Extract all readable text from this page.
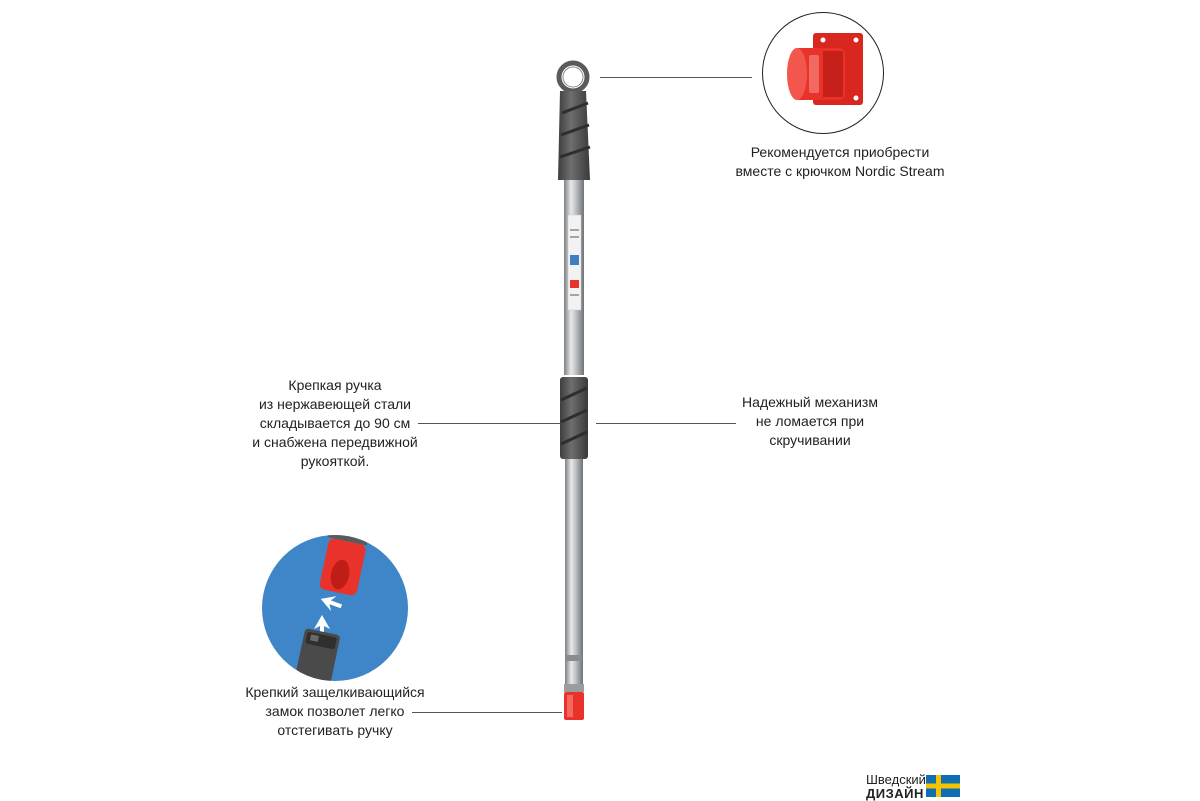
Рекомендуется приобрести
вместе с крючком Nordic Stream
Крепкая ручка
из нержавеющей стали
складывается до 90 см
и снабжена передвижной
рукояткой.
Надежный механизм
не ломается при
скручивании
Крепкий защелкивающийся
замок позволет легко
отстегивать ручку
Шведский
ДИЗАЙН
